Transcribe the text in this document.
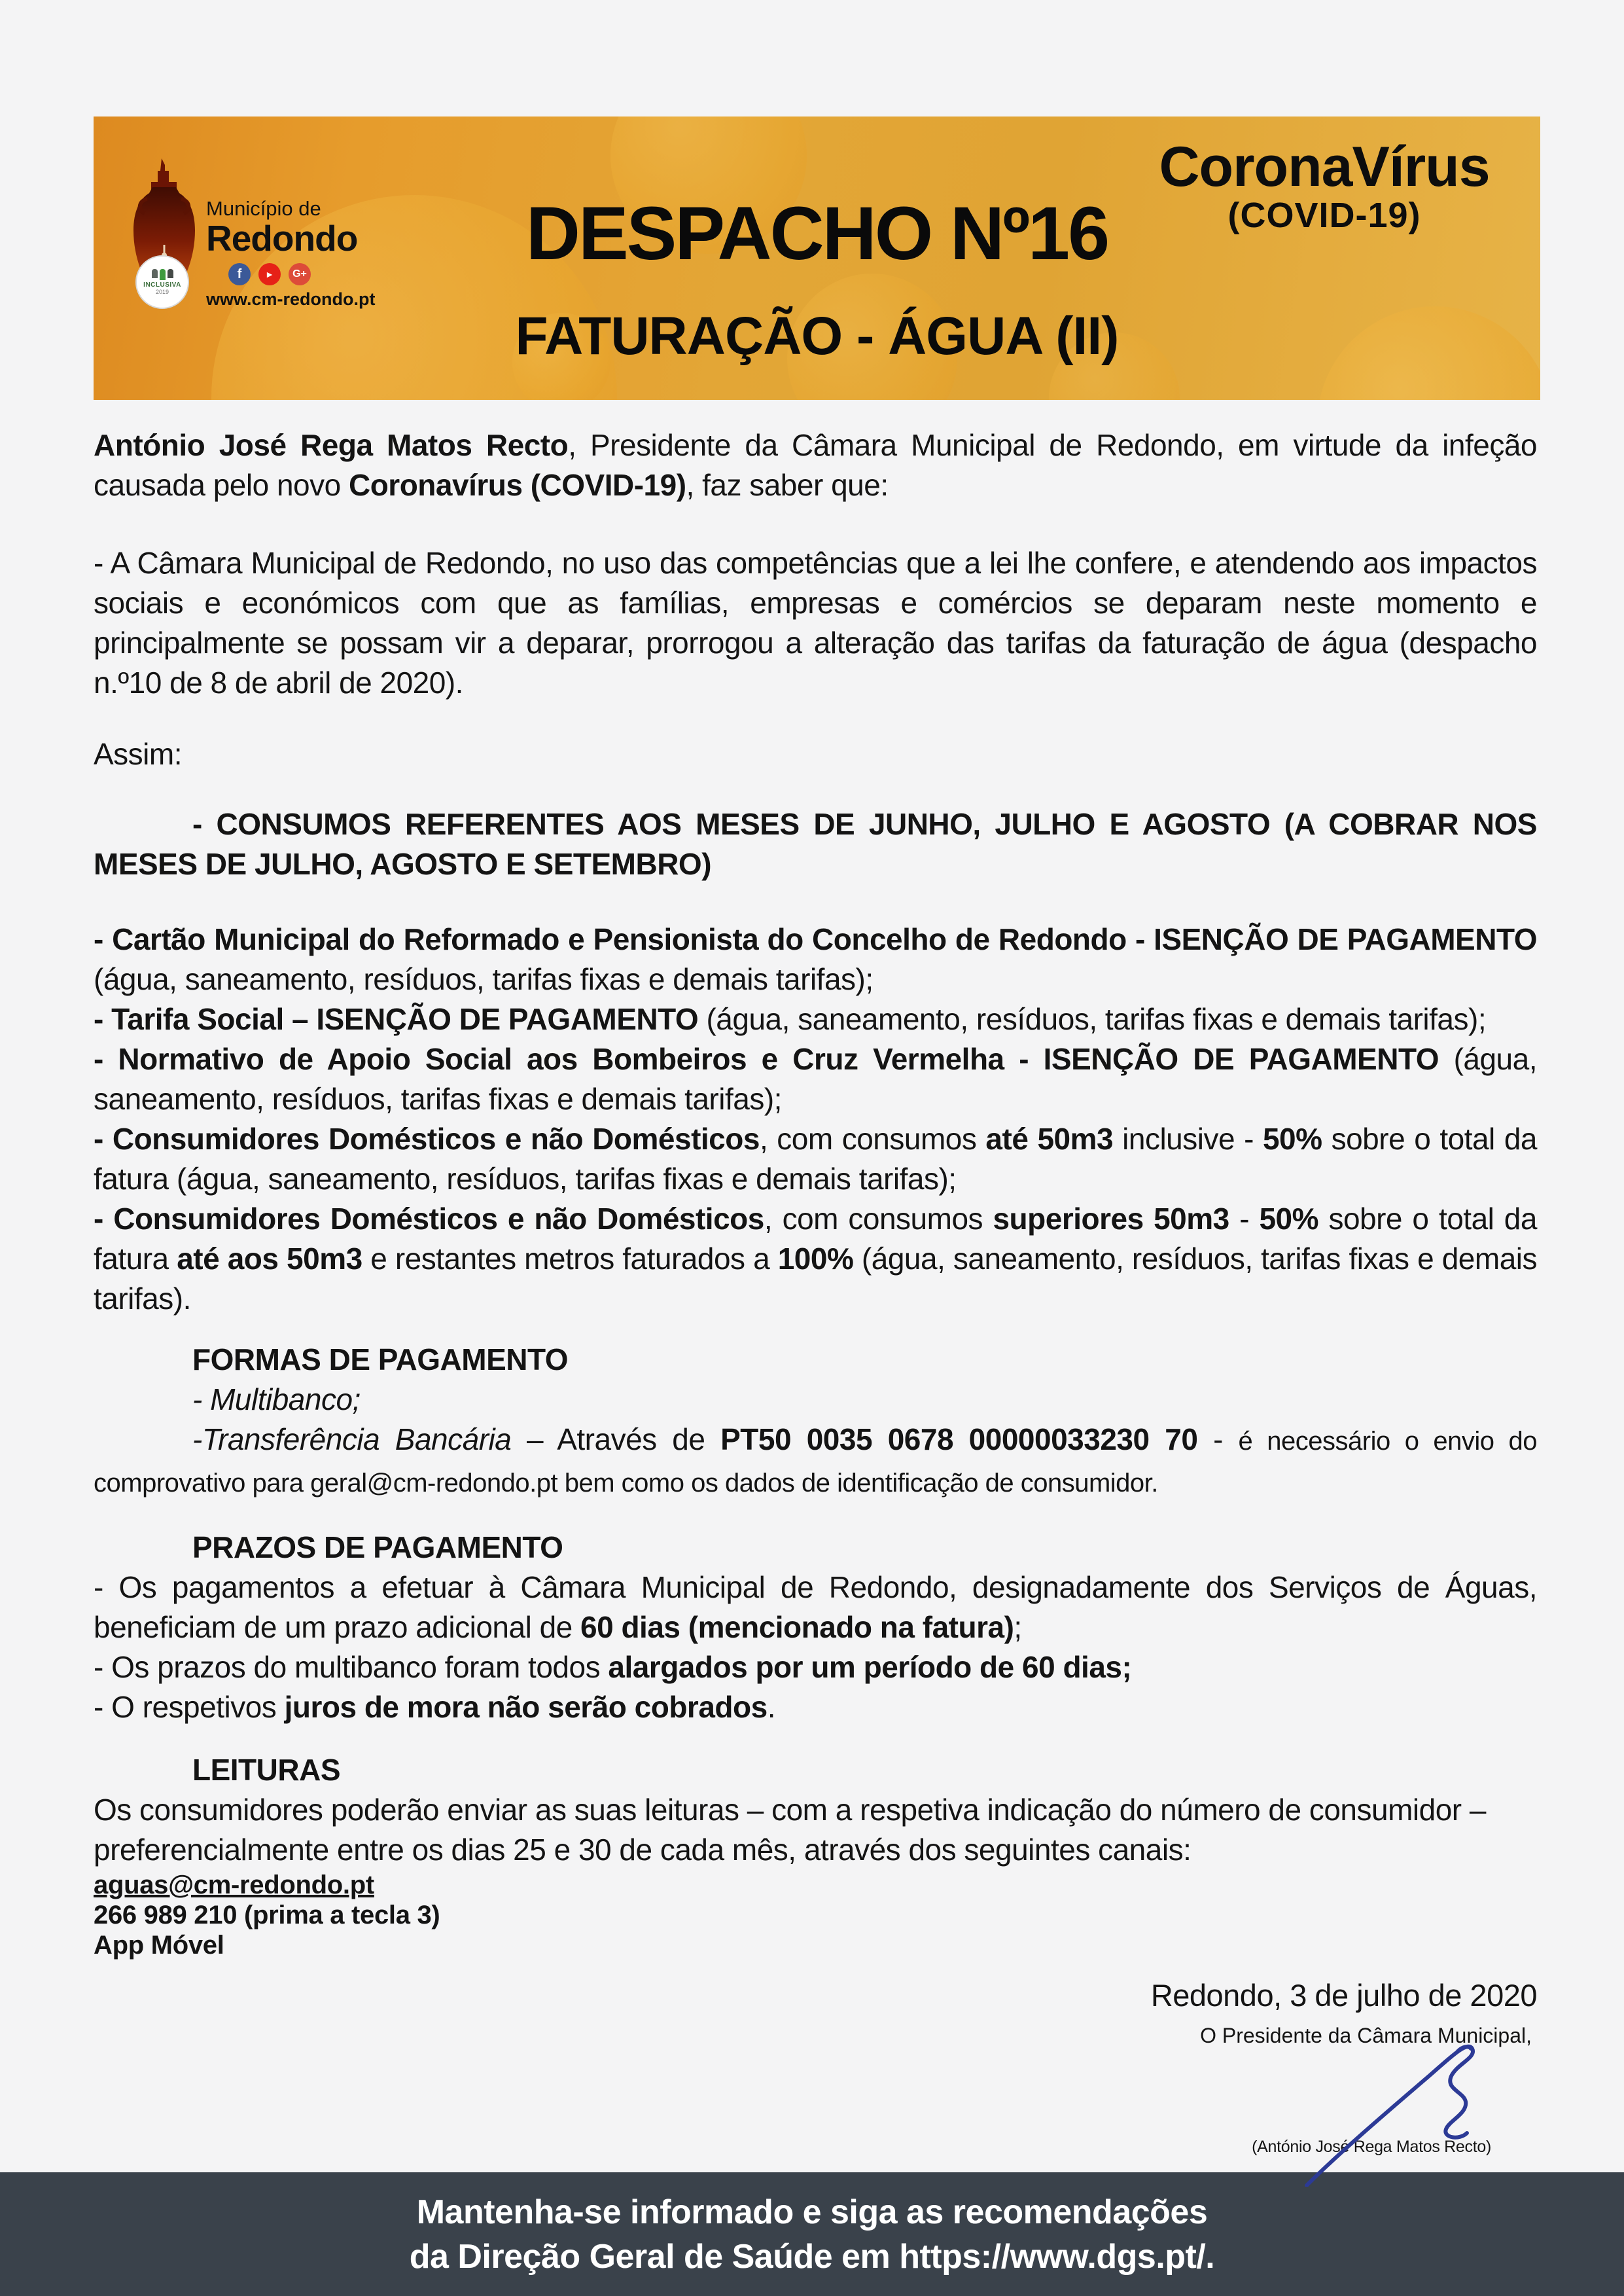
Município de
Redondo
f	►	G+
www.cm-redondo.pt
INCLUSIVA
2019
DESPACHO Nº16
FATURAÇÃO - ÁGUA (II)
CoronaVírus
(COVID-19)

António José Rega Matos Recto, Presidente da Câmara Municipal de Redondo, em virtude da infeção causada pelo novo Coronavírus (COVID-19), faz saber que:

- A Câmara Municipal de Redondo, no uso das competências que a lei lhe confere, e atendendo aos impactos sociais e económicos com que as famílias, empresas e comércios se deparam neste momento e principalmente se possam vir a deparar, prorrogou a alteração das tarifas da faturação de água (despacho n.º10 de 8 de abril de 2020).

Assim:

- CONSUMOS REFERENTES AOS MESES DE JUNHO, JULHO E AGOSTO (A COBRAR NOS MESES DE JULHO, AGOSTO E SETEMBRO)

- Cartão Municipal do Reformado e Pensionista do Concelho de Redondo - ISENÇÃO DE PAGAMENTO (água, saneamento, resíduos, tarifas fixas e demais tarifas);

- Tarifa Social – ISENÇÃO DE PAGAMENTO (água, saneamento, resíduos, tarifas fixas e demais tarifas);

- Normativo de Apoio Social aos Bombeiros e Cruz Vermelha - ISENÇÃO DE PAGAMENTO (água, saneamento, resíduos, tarifas fixas e demais tarifas);

- Consumidores Domésticos e não Domésticos, com consumos até 50m3 inclusive - 50% sobre o total da fatura (água, saneamento, resíduos, tarifas fixas e demais tarifas);

- Consumidores Domésticos e não Domésticos, com consumos superiores 50m3 - 50% sobre o total da fatura até aos 50m3 e restantes metros faturados a 100% (água, saneamento, resíduos, tarifas fixas e demais tarifas).

FORMAS DE PAGAMENTO

- Multibanco;

-Transferência Bancária – Através de PT50 0035 0678 00000033230 70 - é necessário o envio do comprovativo para geral@cm-redondo.pt bem como os dados de identificação de consumidor.

PRAZOS DE PAGAMENTO

- Os pagamentos a efetuar à Câmara Municipal de Redondo, designadamente dos Serviços de Águas, beneficiam de um prazo adicional de 60 dias (mencionado na fatura);

- Os prazos do multibanco foram todos alargados por um período de 60 dias;

- O respetivos juros de mora não serão cobrados.

LEITURAS

Os consumidores poderão enviar as suas leituras – com a respetiva indicação do número de consumidor – preferencialmente entre os dias 25 e 30 de cada mês, através dos seguintes canais:

aguas@cm-redondo.pt

266 989 210 (prima a tecla 3)

App Móvel

Redondo, 3 de julho de 2020
O Presidente da Câmara Municipal,
(António José Rega Matos Recto)
Mantenha-se informado e siga as recomendações
da Direção Geral de Saúde em https://www.dgs.pt/.
